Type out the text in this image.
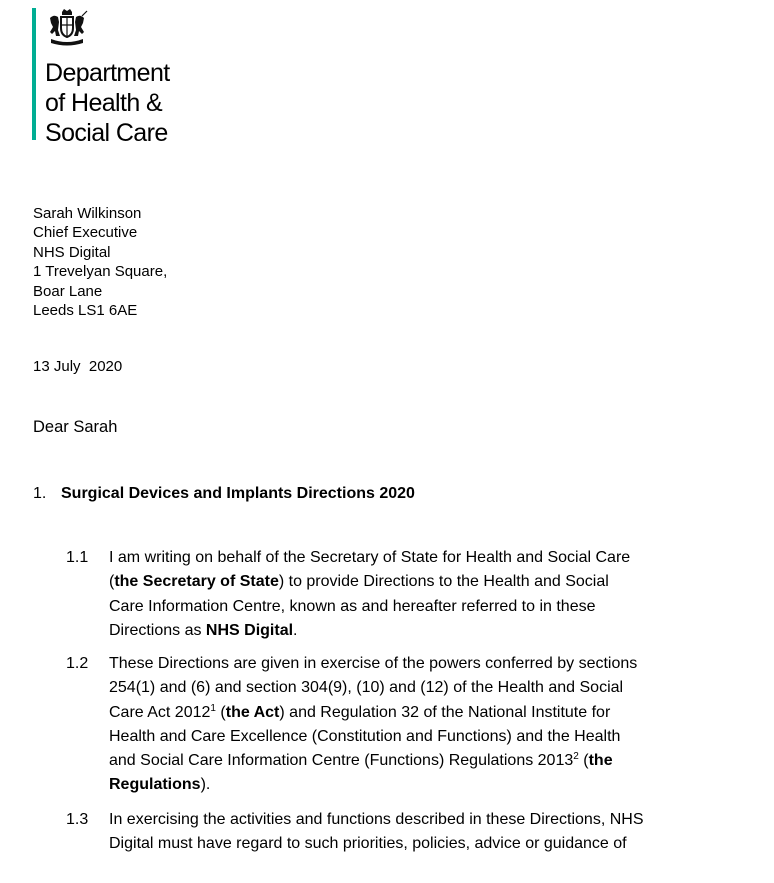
Department
of Health &
Social Care
Sarah Wilkinson
Chief Executive
NHS Digital
1 Trevelyan Square,
Boar Lane
Leeds LS1 6AE
13 July  2020
Dear Sarah
1. Surgical Devices and Implants Directions 2020
1.1	I am writing on behalf of the Secretary of State for Health and Social Care
(the Secretary of State) to provide Directions to the Health and Social
Care Information Centre, known as and hereafter referred to in these
Directions as NHS Digital.
1.2	These Directions are given in exercise of the powers conferred by sections
254(1) and (6) and section 304(9), (10) and (12) of the Health and Social
Care Act 2012$^1$ (the Act) and Regulation 32 of the National Institute for
Health and Care Excellence (Constitution and Functions) and the Health
and Social Care Information Centre (Functions) Regulations 2013$^2$ (the
Regulations).
1.3	In exercising the activities and functions described in these Directions, NHS
Digital must have regard to such priorities, policies, advice or guidance of
